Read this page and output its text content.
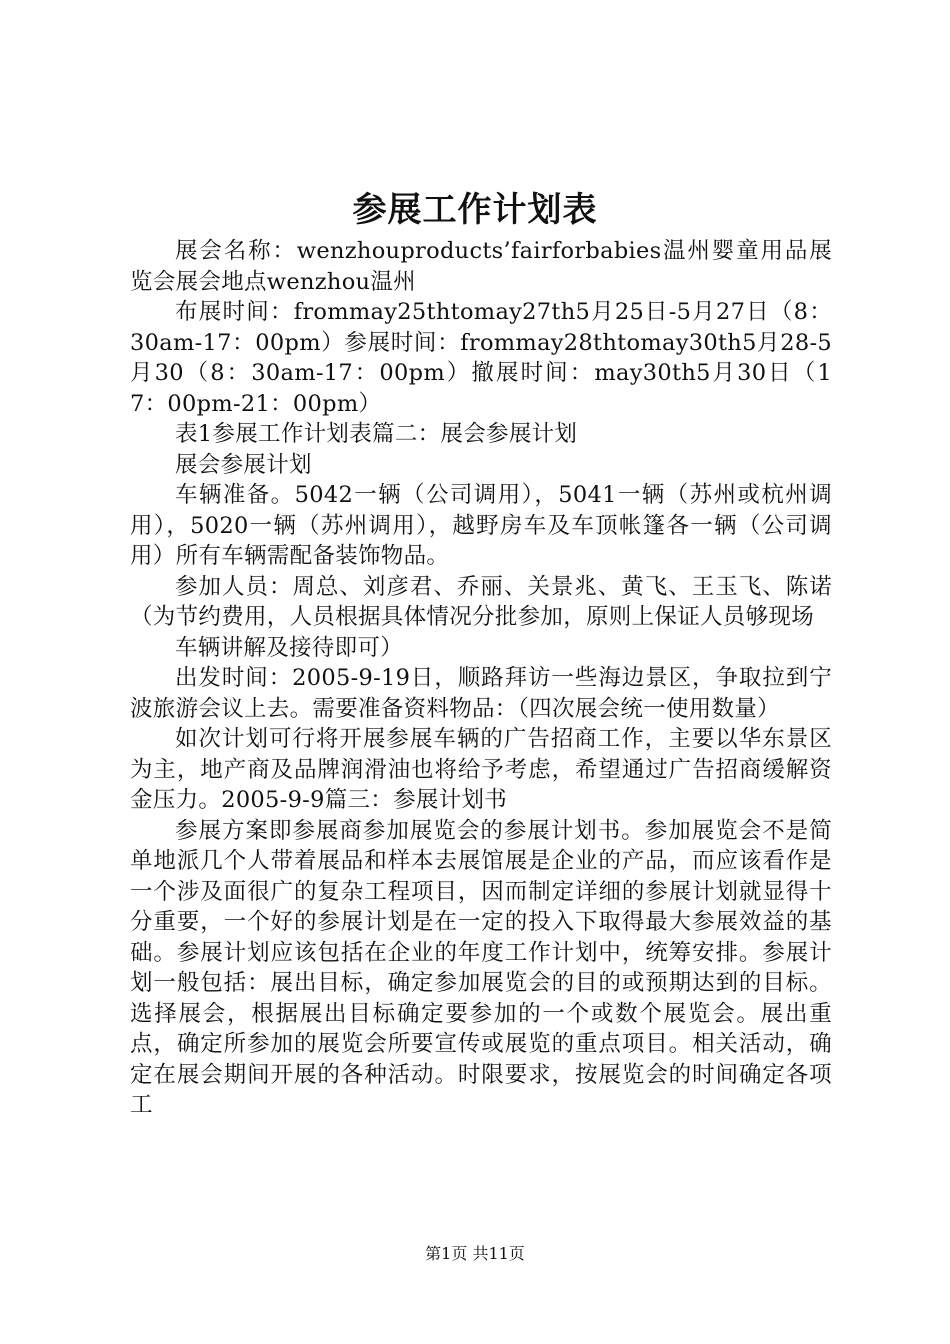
参展工作计划表

展会名称：wenzhouproducts’fairforbabies温州婴童用品展览会展会地点wenzhou温州

布展时间：frommay25thtomay27th5月25日-5月27日（8：30am-17：00pm）参展时间：frommay28thtomay30th5月28-5月30（8：30am-17：00pm）撤展时间：may30th5月30日（17：00pm-21：00pm）

表1参展工作计划表篇二：展会参展计划

展会参展计划

车辆准备。5042一辆（公司调用），5041一辆（苏州或杭州调用），5020一辆（苏州调用），越野房车及车顶帐篷各一辆（公司调用）所有车辆需配备装饰物品。

参加人员：周总、刘彦君、乔丽、关景兆、黄飞、王玉飞、陈诺（为节约费用，人员根据具体情况分批参加，原则上保证人员够现场

车辆讲解及接待即可）

出发时间：2005-9-19日，顺路拜访一些海边景区，争取拉到宁波旅游会议上去。需要准备资料物品：（四次展会统一使用数量）

如次计划可行将开展参展车辆的广告招商工作，主要以华东景区为主，地产商及品牌润滑油也将给予考虑，希望通过广告招商缓解资金压力。2005-9-9篇三：参展计划书

参展方案即参展商参加展览会的参展计划书。参加展览会不是简单地派几个人带着展品和样本去展馆展是企业的产品，而应该看作是一个涉及面很广的复杂工程项目，因而制定详细的参展计划就显得十分重要，一个好的参展计划是在一定的投入下取得最大参展效益的基础。参展计划应该包括在企业的年度工作计划中，统筹安排。参展计划一般包括：展出目标，确定参加展览会的目的或预期达到的目标。选择展会，根据展出目标确定要参加的一个或数个展览会。展出重点，确定所参加的展览会所要宣传或展览的重点项目。相关活动，确定在展会期间开展的各种活动。时限要求，按展览会的时间确定各项工

第1页 共11页
